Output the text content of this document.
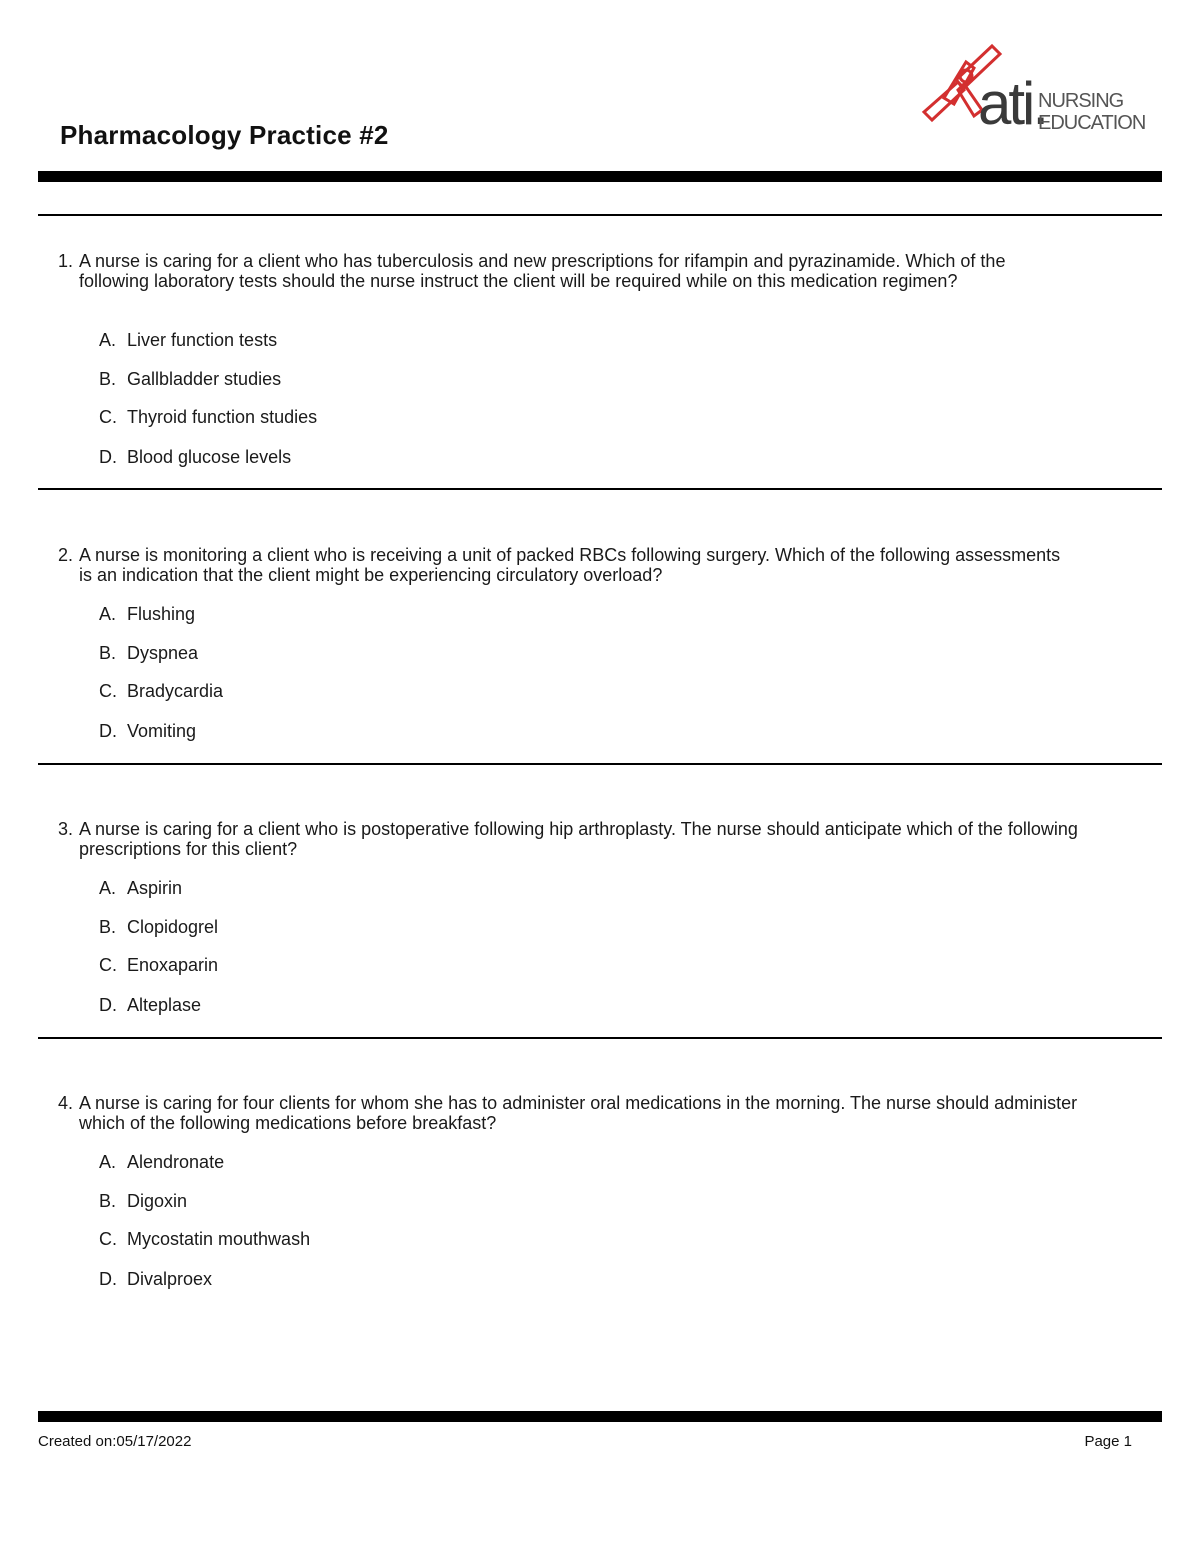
Pharmacology Practice #2	ati.
NURSING
EDUCATION
1. A nurse is caring for a client who has tuberculosis and new prescriptions for rifampin and pyrazinamide. Which of the following laboratory tests should the nurse instruct the client will be required while on this medication regimen?
A. Liver function tests
B. Gallbladder studies
C. Thyroid function studies
D. Blood glucose levels
2. A nurse is monitoring a client who is receiving a unit of packed RBCs following surgery. Which of the following assessments is an indication that the client might be experiencing circulatory overload?
A. Flushing
B. Dyspnea
C. Bradycardia
D. Vomiting
3. A nurse is caring for a client who is postoperative following hip arthroplasty. The nurse should anticipate which of the following prescriptions for this client?
A. Aspirin
B. Clopidogrel
C. Enoxaparin
D. Alteplase
4. A nurse is caring for four clients for whom she has to administer oral medications in the morning. The nurse should administer which of the following medications before breakfast?
A. Alendronate
B. Digoxin
C. Mycostatin mouthwash
D. Divalproex
Created on:05/17/2022	Page 1
